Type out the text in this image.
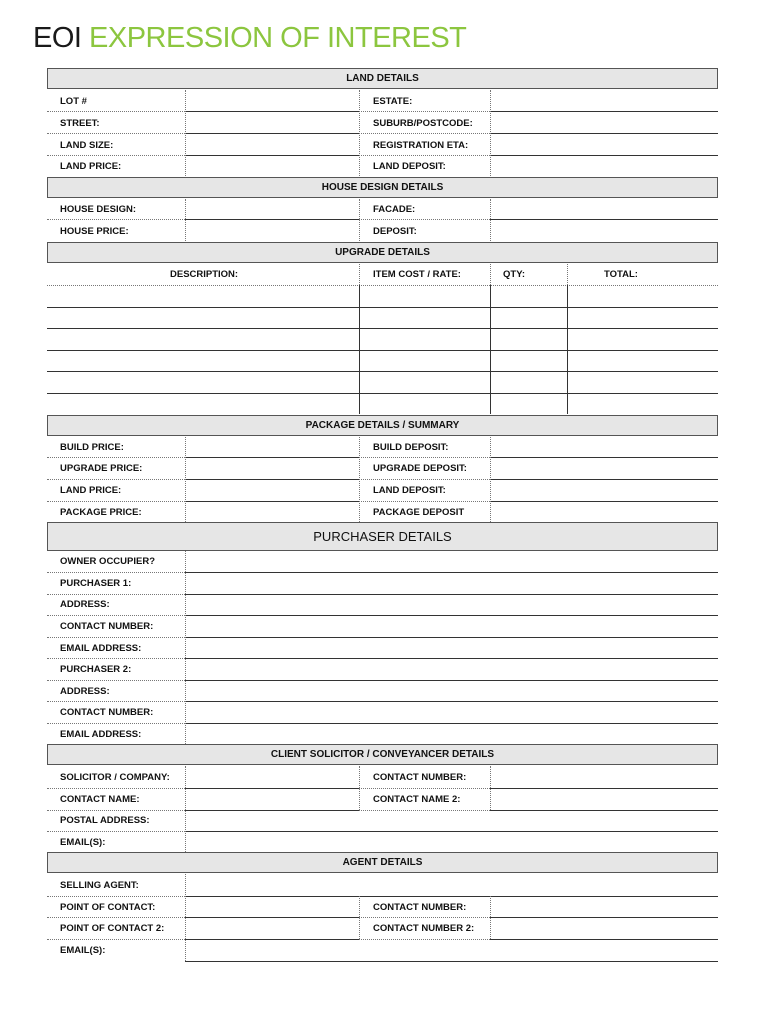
EOI EXPRESSION OF INTEREST
LAND DETAILS
LOT #	ESTATE:
STREET:	SUBURB/POSTCODE:
LAND SIZE:	REGISTRATION ETA:
LAND PRICE:	LAND DEPOSIT:
HOUSE DESIGN DETAILS
HOUSE DESIGN:	FACADE:
HOUSE PRICE:	DEPOSIT:
UPGRADE DETAILS
DESCRIPTION:	ITEM COST / RATE:	QTY:	TOTAL:
PACKAGE DETAILS / SUMMARY
BUILD PRICE:	BUILD DEPOSIT:
UPGRADE PRICE:	UPGRADE DEPOSIT:
LAND PRICE:	LAND DEPOSIT:
PACKAGE PRICE:	PACKAGE DEPOSIT
PURCHASER DETAILS
OWNER OCCUPIER?
PURCHASER 1:
ADDRESS:
CONTACT NUMBER:
EMAIL ADDRESS:
PURCHASER 2:
ADDRESS:
CONTACT NUMBER:
EMAIL ADDRESS:
CLIENT SOLICITOR / CONVEYANCER DETAILS
SOLICITOR / COMPANY:	CONTACT NUMBER:
CONTACT NAME:	CONTACT NAME 2:
POSTAL ADDRESS:
EMAIL(S):
AGENT DETAILS
SELLING AGENT:
POINT OF CONTACT:	CONTACT NUMBER:
POINT OF CONTACT 2:	CONTACT NUMBER 2:
EMAIL(S):
